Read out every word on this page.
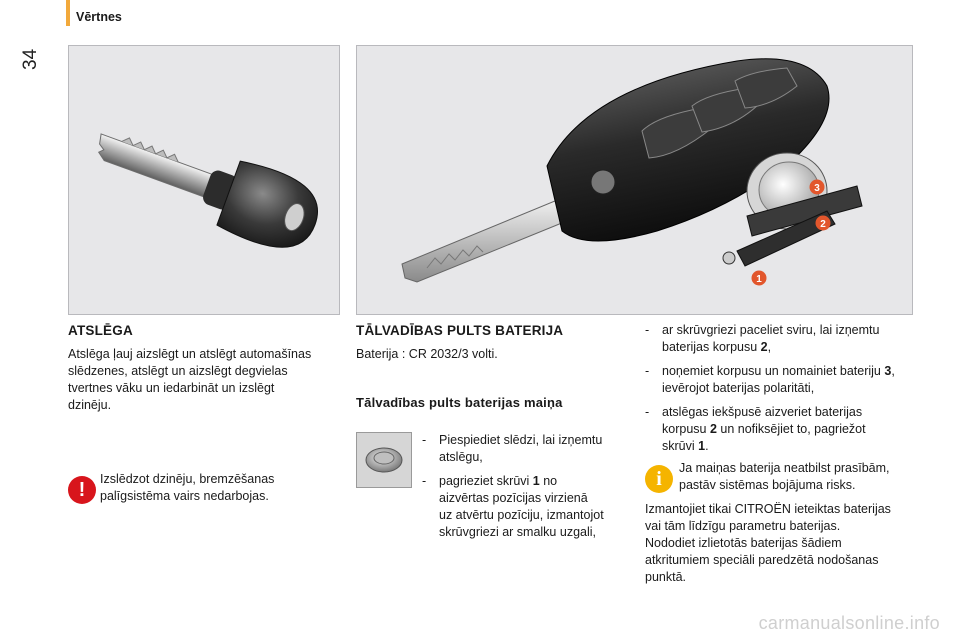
34
Vērtnes
3
2
1
ATSLĒGA

Atslēga ļauj aizslēgt un atslēgt automašīnas

slēdzenes, atslēgt un aizslēgt degvielas

tvertnes vāku un iedarbināt un izslēgt

dzinēju.

!	Izslēdzot dzinēju, bremzēšanas

palīgsistēma vairs nedarbojas.

TĀLVADĪBAS PULTS BATERIJA

Baterija : CR 2032/3 volti.

Tālvadības pults baterijas maiņa
-	Piespiediet slēdzi, lai izņemtu
atslēgu,
-	pagrieziet skrūvi 1 no
aizvērtas pozīcijas virzienā
uz atvērtu pozīciju, izmantojot
skrūvgriezi ar smalku uzgali,
-	ar skrūvgriezi paceliet sviru, lai izņemtu
baterijas korpusu 2,
-	noņemiet korpusu un nomainiet bateriju 3,
ievērojot baterijas polaritāti,
-	atslēgas iekšpusē aizveriet baterijas
korpusu 2 un nofiksējiet to, pagriežot
skrūvi 1.
i	Ja maiņas baterija neatbilst prasībām,

pastāv sistēmas bojājuma risks.

Izmantojiet tikai CITROËN ieteiktas baterijas

vai tām līdzīgu parametru baterijas.

Nododiet izlietotās baterijas šādiem

atkritumiem speciāli paredzētā nodošanas

punktā.

carmanualsonline.info
